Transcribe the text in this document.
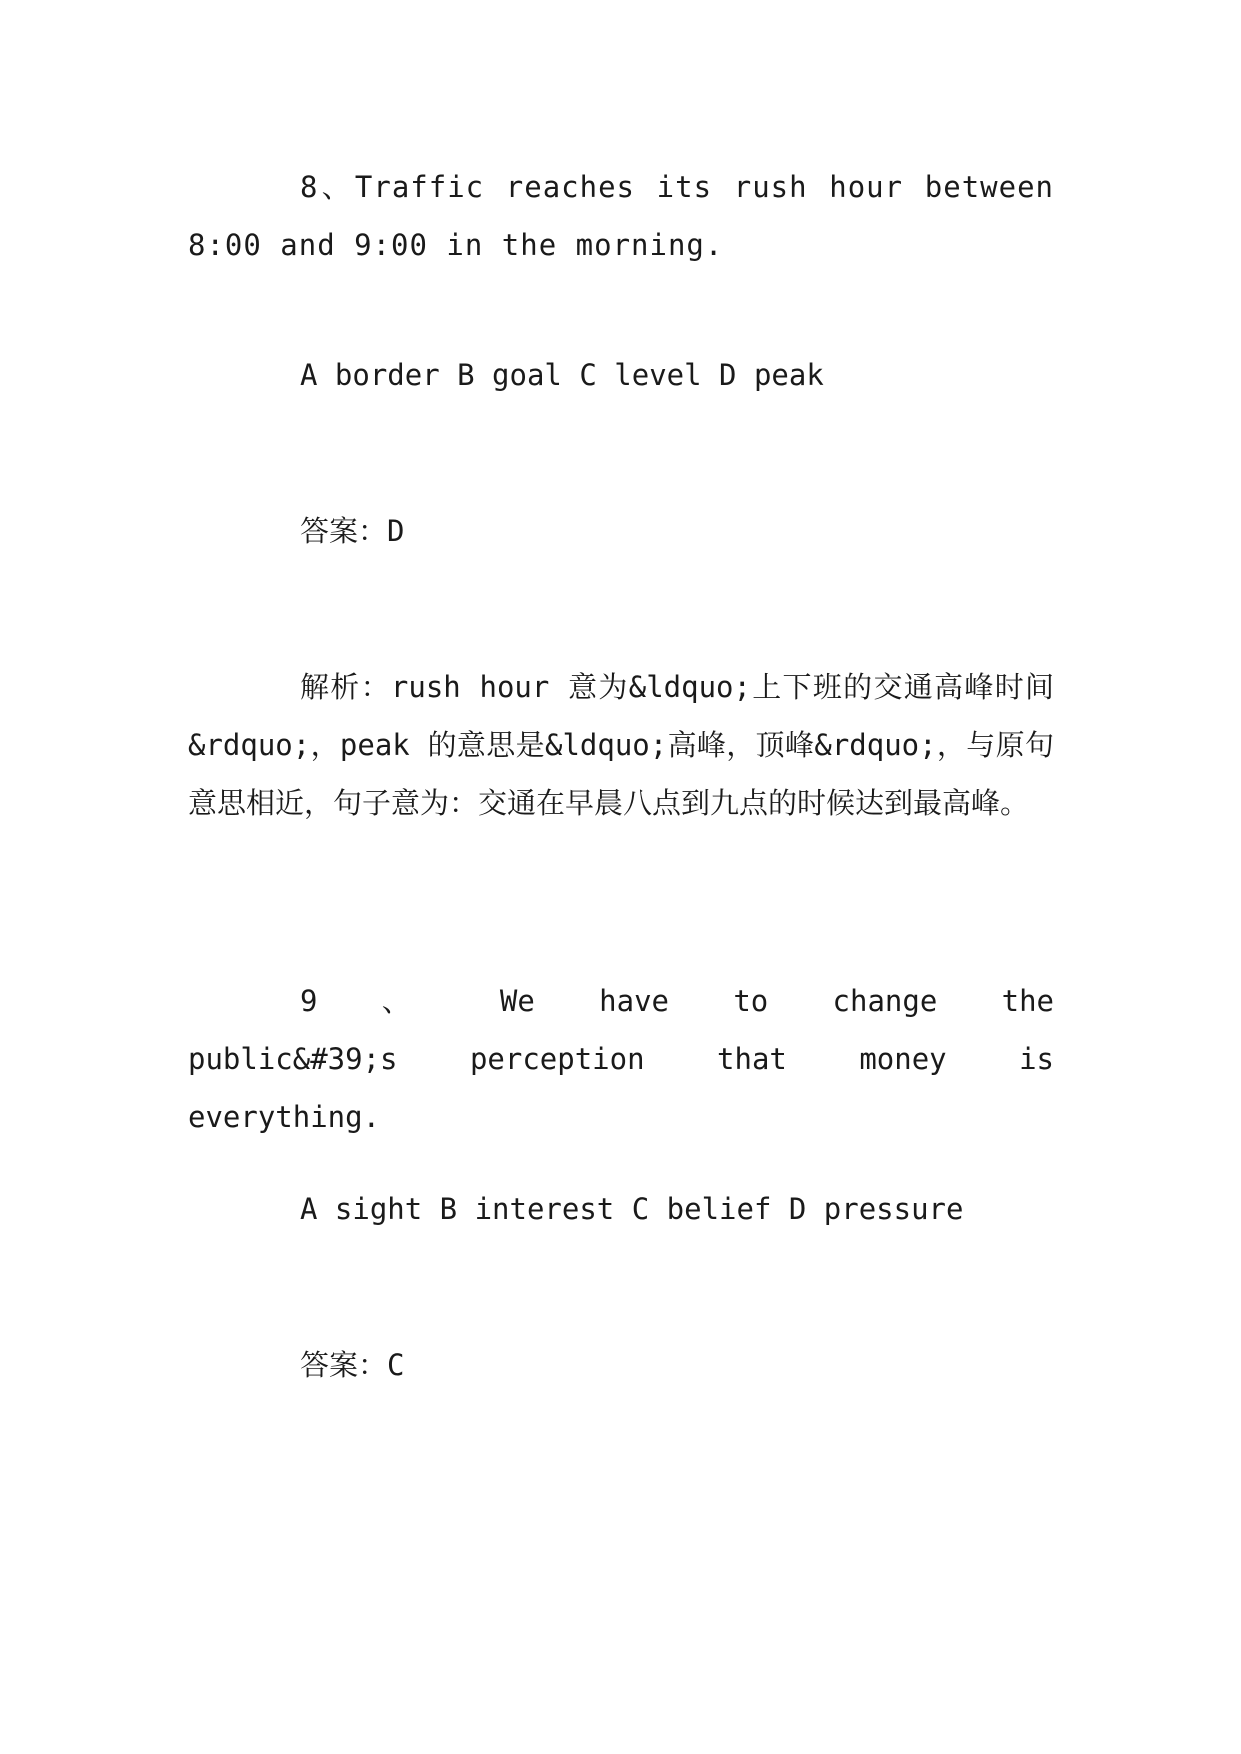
8、Traffic reaches its rush hour between 8:00 and 9:00 in the morning.

A border B goal C level D peak

答案：D

解析：rush hour 意为&ldquo;上下班的交通高峰时间&rdquo;，peak 的意思是&ldquo;高峰，顶峰&rdquo;，与原句意思相近，句子意为：交通在早晨八点到九点的时候达到最高峰。

9 、 We have to change the public&#39;s perception that money is everything.

A sight B interest C belief D pressure

答案：C
